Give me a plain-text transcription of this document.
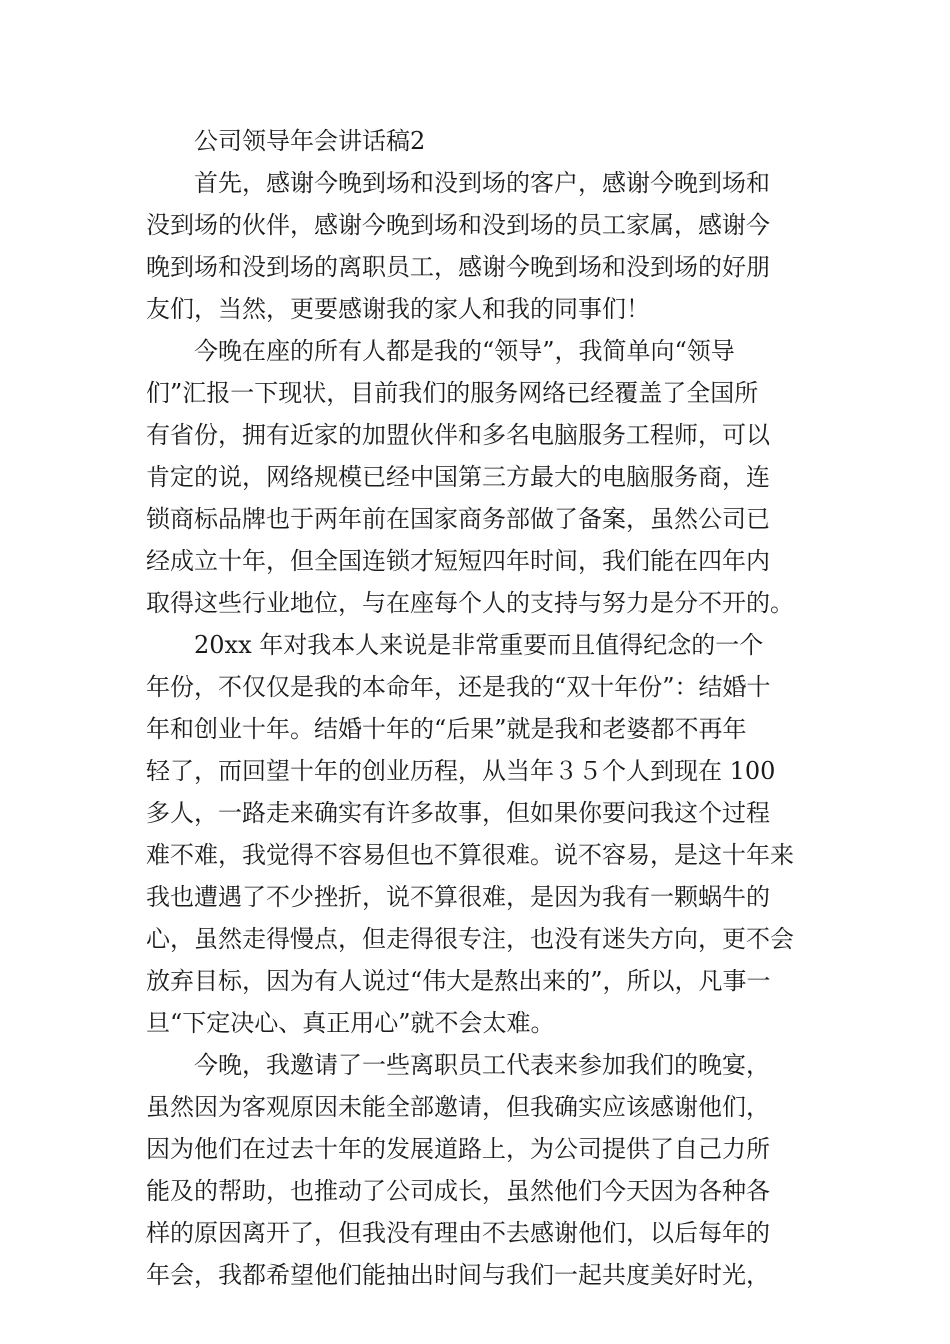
公司领导年会讲话稿2

首先，感谢今晚到场和没到场的客户，感谢今晚到场和
没到场的伙伴，感谢今晚到场和没到场的员工家属，感谢今
晚到场和没到场的离职员工，感谢今晚到场和没到场的好朋
友们，当然，更要感谢我的家人和我的同事们！
今晚在座的所有人都是我的“领导”，我简单向“领导
们”汇报一下现状，目前我们的服务网络已经覆盖了全国所
有省份，拥有近家的加盟伙伴和多名电脑服务工程师，可以
肯定的说，网络规模已经中国第三方最大的电脑服务商，连
锁商标品牌也于两年前在国家商务部做了备案，虽然公司已
经成立十年，但全国连锁才短短四年时间，我们能在四年内
取得这些行业地位，与在座每个人的支持与努力是分不开的。
20xx 年对我本人来说是非常重要而且值得纪念的一个
年份，不仅仅是我的本命年，还是我的“双十年份”：结婚十
年和创业十年。结婚十年的“后果”就是我和老婆都不再年
轻了，而回望十年的创业历程，从当年３５个人到现在 100
多人，一路走来确实有许多故事，但如果你要问我这个过程
难不难，我觉得不容易但也不算很难。说不容易，是这十年来
我也遭遇了不少挫折，说不算很难，是因为我有一颗蜗牛的
心，虽然走得慢点，但走得很专注，也没有迷失方向，更不会
放弃目标，因为有人说过“伟大是熬出来的”，所以，凡事一
旦“下定决心、真正用心”就不会太难。
今晚，我邀请了一些离职员工代表来参加我们的晚宴，
虽然因为客观原因未能全部邀请，但我确实应该感谢他们，
因为他们在过去十年的发展道路上，为公司提供了自己力所
能及的帮助，也推动了公司成长，虽然他们今天因为各种各
样的原因离开了，但我没有理由不去感谢他们，以后每年的
年会，我都希望他们能抽出时间与我们一起共度美好时光，
